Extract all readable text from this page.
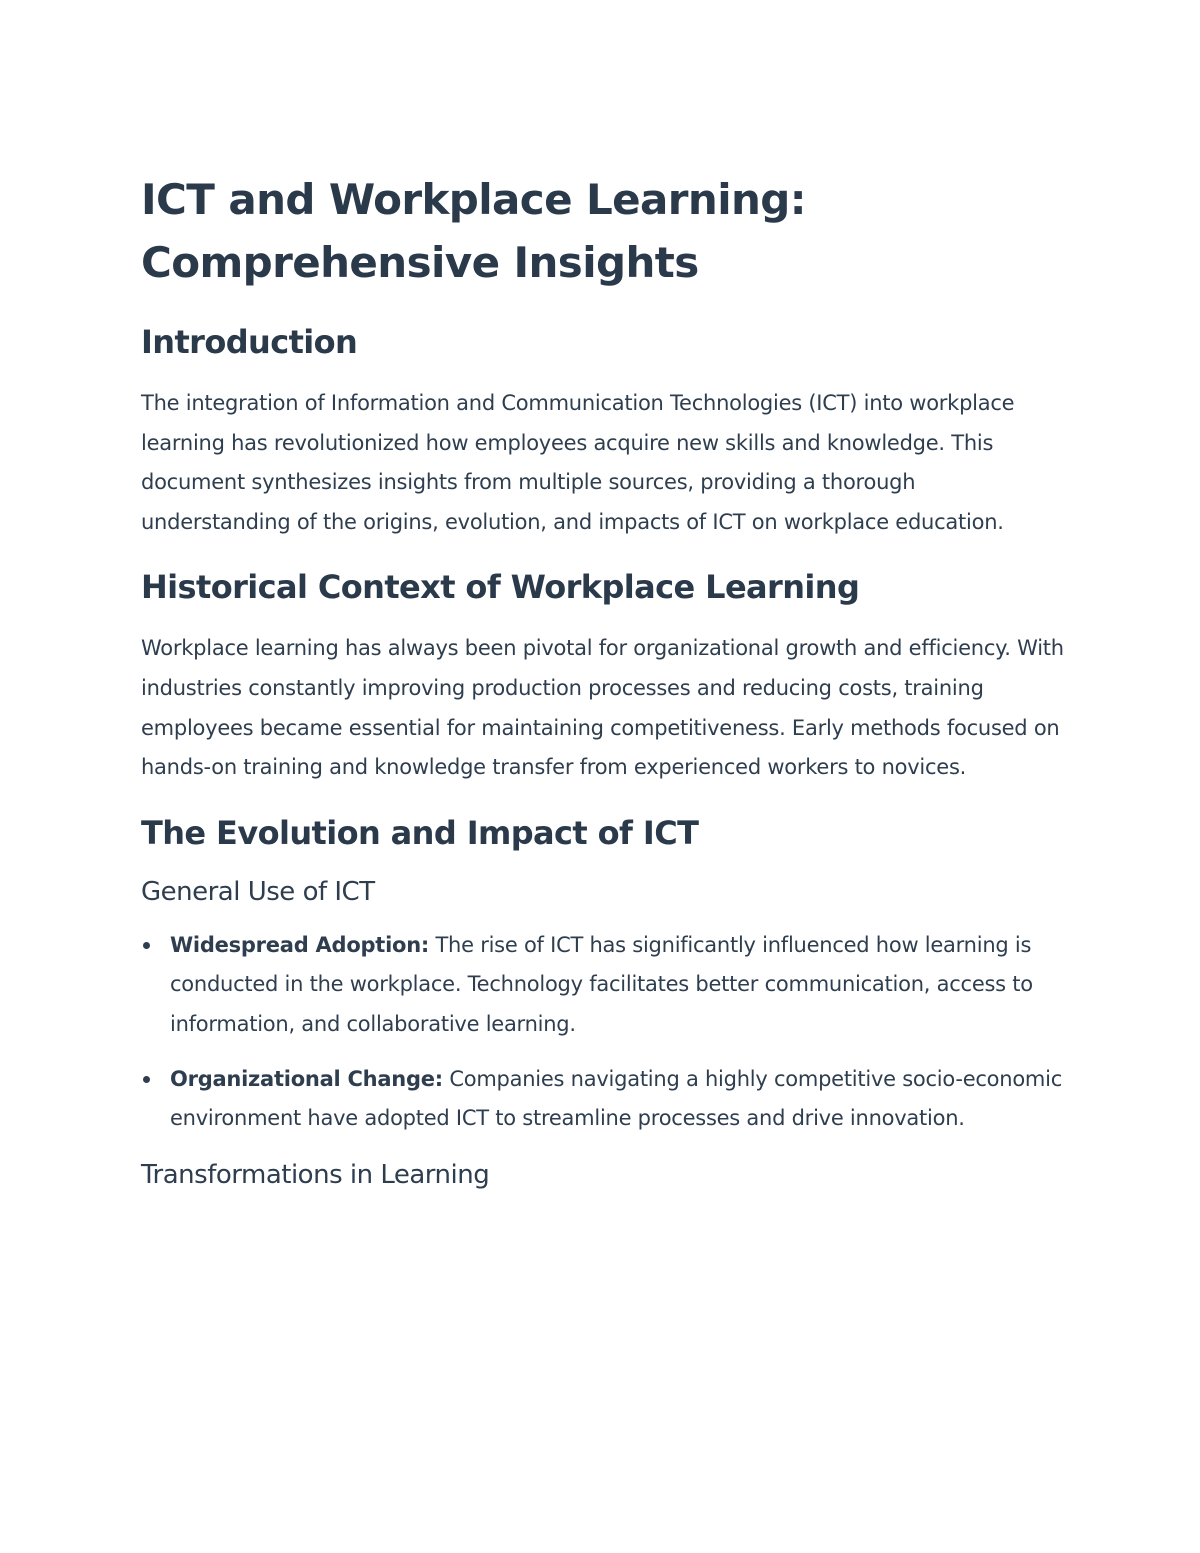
ICT and Workplace Learning: Comprehensive Insights
Introduction

The integration of Information and Communication Technologies (ICT) into workplace learning has revolutionized how employees acquire new skills and knowledge. This document synthesizes insights from multiple sources, providing a thorough understanding of the origins, evolution, and impacts of ICT on workplace education.

Historical Context of Workplace Learning

Workplace learning has always been pivotal for organizational growth and efficiency. With industries constantly improving production processes and reducing costs, training employees became essential for maintaining competitiveness. Early methods focused on hands-on training and knowledge transfer from experienced workers to novices.

The Evolution and Impact of ICT
General Use of ICT
Widespread Adoption: The rise of ICT has significantly influenced how learning is conducted in the workplace. Technology facilitates better communication, access to information, and collaborative learning.
Organizational Change: Companies navigating a highly competitive socio-economic environment have adopted ICT to streamline processes and drive innovation.
Transformations in Learning
